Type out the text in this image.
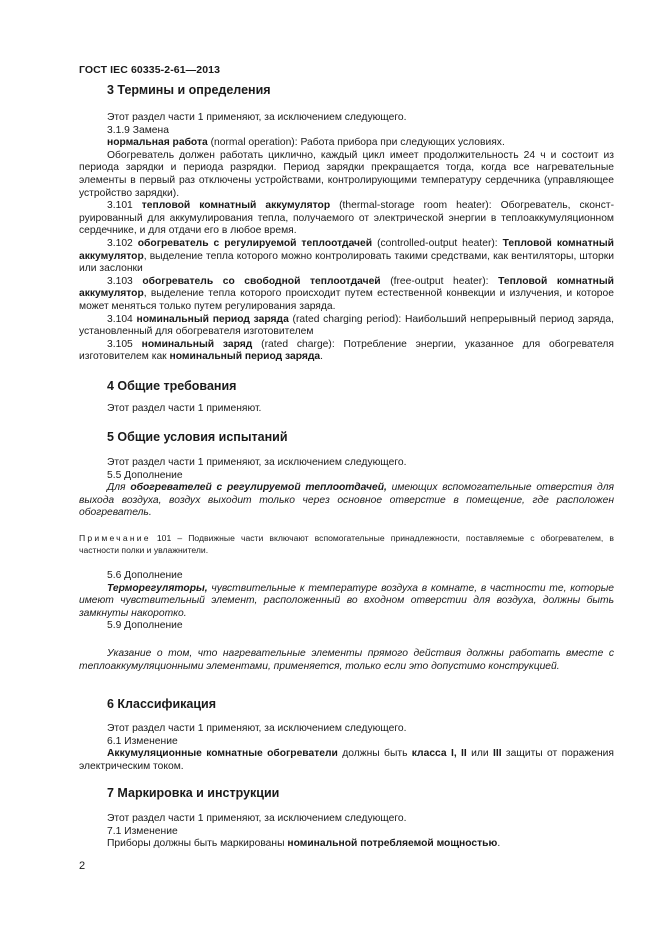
ГОСТ IEC 60335-2-61—2013
3 Термины и определения

Этот раздел части 1 применяют, за исключением следующего.

3.1.9 Замена

нормальная работа (normal operation): Работа прибора при следующих условиях.

Обогреватель должен работать циклично, каждый цикл имеет продолжительность 24 ч и состоит из периода зарядки и периода разрядки. Период зарядки прекращается тогда, когда все нагревательные элементы в первый раз отключены устройствами, контролирующими температуру сердечника (управляющее устройство зарядки).

3.101 тепловой комнатный аккумулятор (thermal-storage room heater): Обогреватель, сконструированный для аккумулирования тепла, получаемого от электрической энергии в теплоаккумуляционном сердечнике, и для отдачи его в любое время.

3.102 обогреватель с регулируемой теплоотдачей (controlled-output heater): Тепловой комнатный аккумулятор, выделение тепла которого можно контролировать такими средствами, как вентиляторы, шторки или заслонки

3.103 обогреватель со свободной теплоотдачей (free-output heater): Тепловой комнатный аккумулятор, выделение тепла которого происходит путем естественной конвекции и излучения, и которое может меняться только путем регулирования заряда.

3.104 номинальный период заряда (rated charging period): Наибольший непрерывный период заряда, установленный для обогревателя изготовителем

3.105 номинальный заряд (rated charge): Потребление энергии, указанное для обогревателя изготовителем как номинальный период заряда.

4 Общие требования

Этот раздел части 1 применяют.

5 Общие условия испытаний

Этот раздел части 1 применяют, за исключением следующего.

5.5 Дополнение

Для обогревателей с регулируемой теплоотдачей, имеющих вспомогательные отверстия для выхода воздуха, воздух выходит только через основное отверстие в помещение, где расположен обогреватель.

Примечание 101 – Подвижные части включают вспомогательные принадлежности, поставляемые с обогревателем, в частности полки и увлажнители.

5.6 Дополнение

Терморегуляторы, чувствительные к температуре воздуха в комнате, в частности те, которые имеют чувствительный элемент, расположенный во входном отверстии для воздуха, должны быть замкнуты накоротко.

5.9 Дополнение

Указание о том, что нагревательные элементы прямого действия должны работать вместе с теплоаккумуляционными элементами, применяется, только если это допустимо конструкцией.

6 Классификация

Этот раздел части 1 применяют, за исключением следующего.

6.1 Изменение

Аккумуляционные комнатные обогреватели должны быть класса I, II или III защиты от поражения электрическим током.

7 Маркировка и инструкции

Этот раздел части 1 применяют, за исключением следующего.

7.1 Изменение

Приборы должны быть маркированы номинальной потребляемой мощностью.

2
